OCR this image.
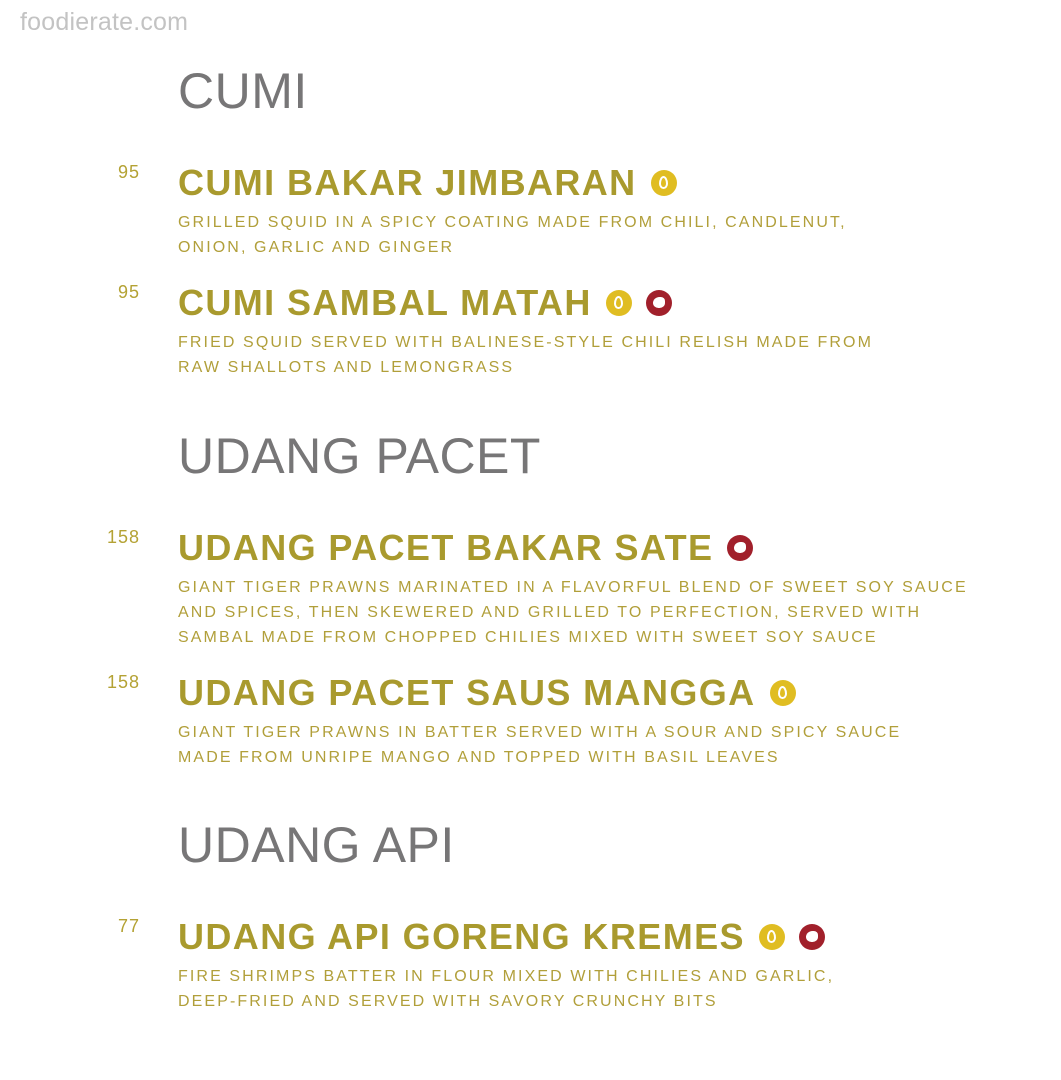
foodierate.com
CUMI
95 CUMI BAKAR JIMBARAN
GRILLED SQUID IN A SPICY COATING MADE FROM CHILI, CANDLENUT,
ONION, GARLIC AND GINGER
95 CUMI SAMBAL MATAH
FRIED SQUID SERVED WITH BALINESE-STYLE CHILI RELISH MADE FROM
RAW SHALLOTS AND LEMONGRASS
UDANG PACET
158 UDANG PACET BAKAR SATE
GIANT TIGER PRAWNS MARINATED IN A FLAVORFUL BLEND OF SWEET SOY SAUCE
AND SPICES, THEN SKEWERED AND GRILLED TO PERFECTION, SERVED WITH
SAMBAL MADE FROM CHOPPED CHILIES MIXED WITH SWEET SOY SAUCE
158 UDANG PACET SAUS MANGGA
GIANT TIGER PRAWNS IN BATTER SERVED WITH A SOUR AND SPICY SAUCE
MADE FROM UNRIPE MANGO AND TOPPED WITH BASIL LEAVES
UDANG API
77 UDANG API GORENG KREMES
FIRE SHRIMPS BATTER IN FLOUR MIXED WITH CHILIES AND GARLIC,
DEEP-FRIED AND SERVED WITH SAVORY CRUNCHY BITS
